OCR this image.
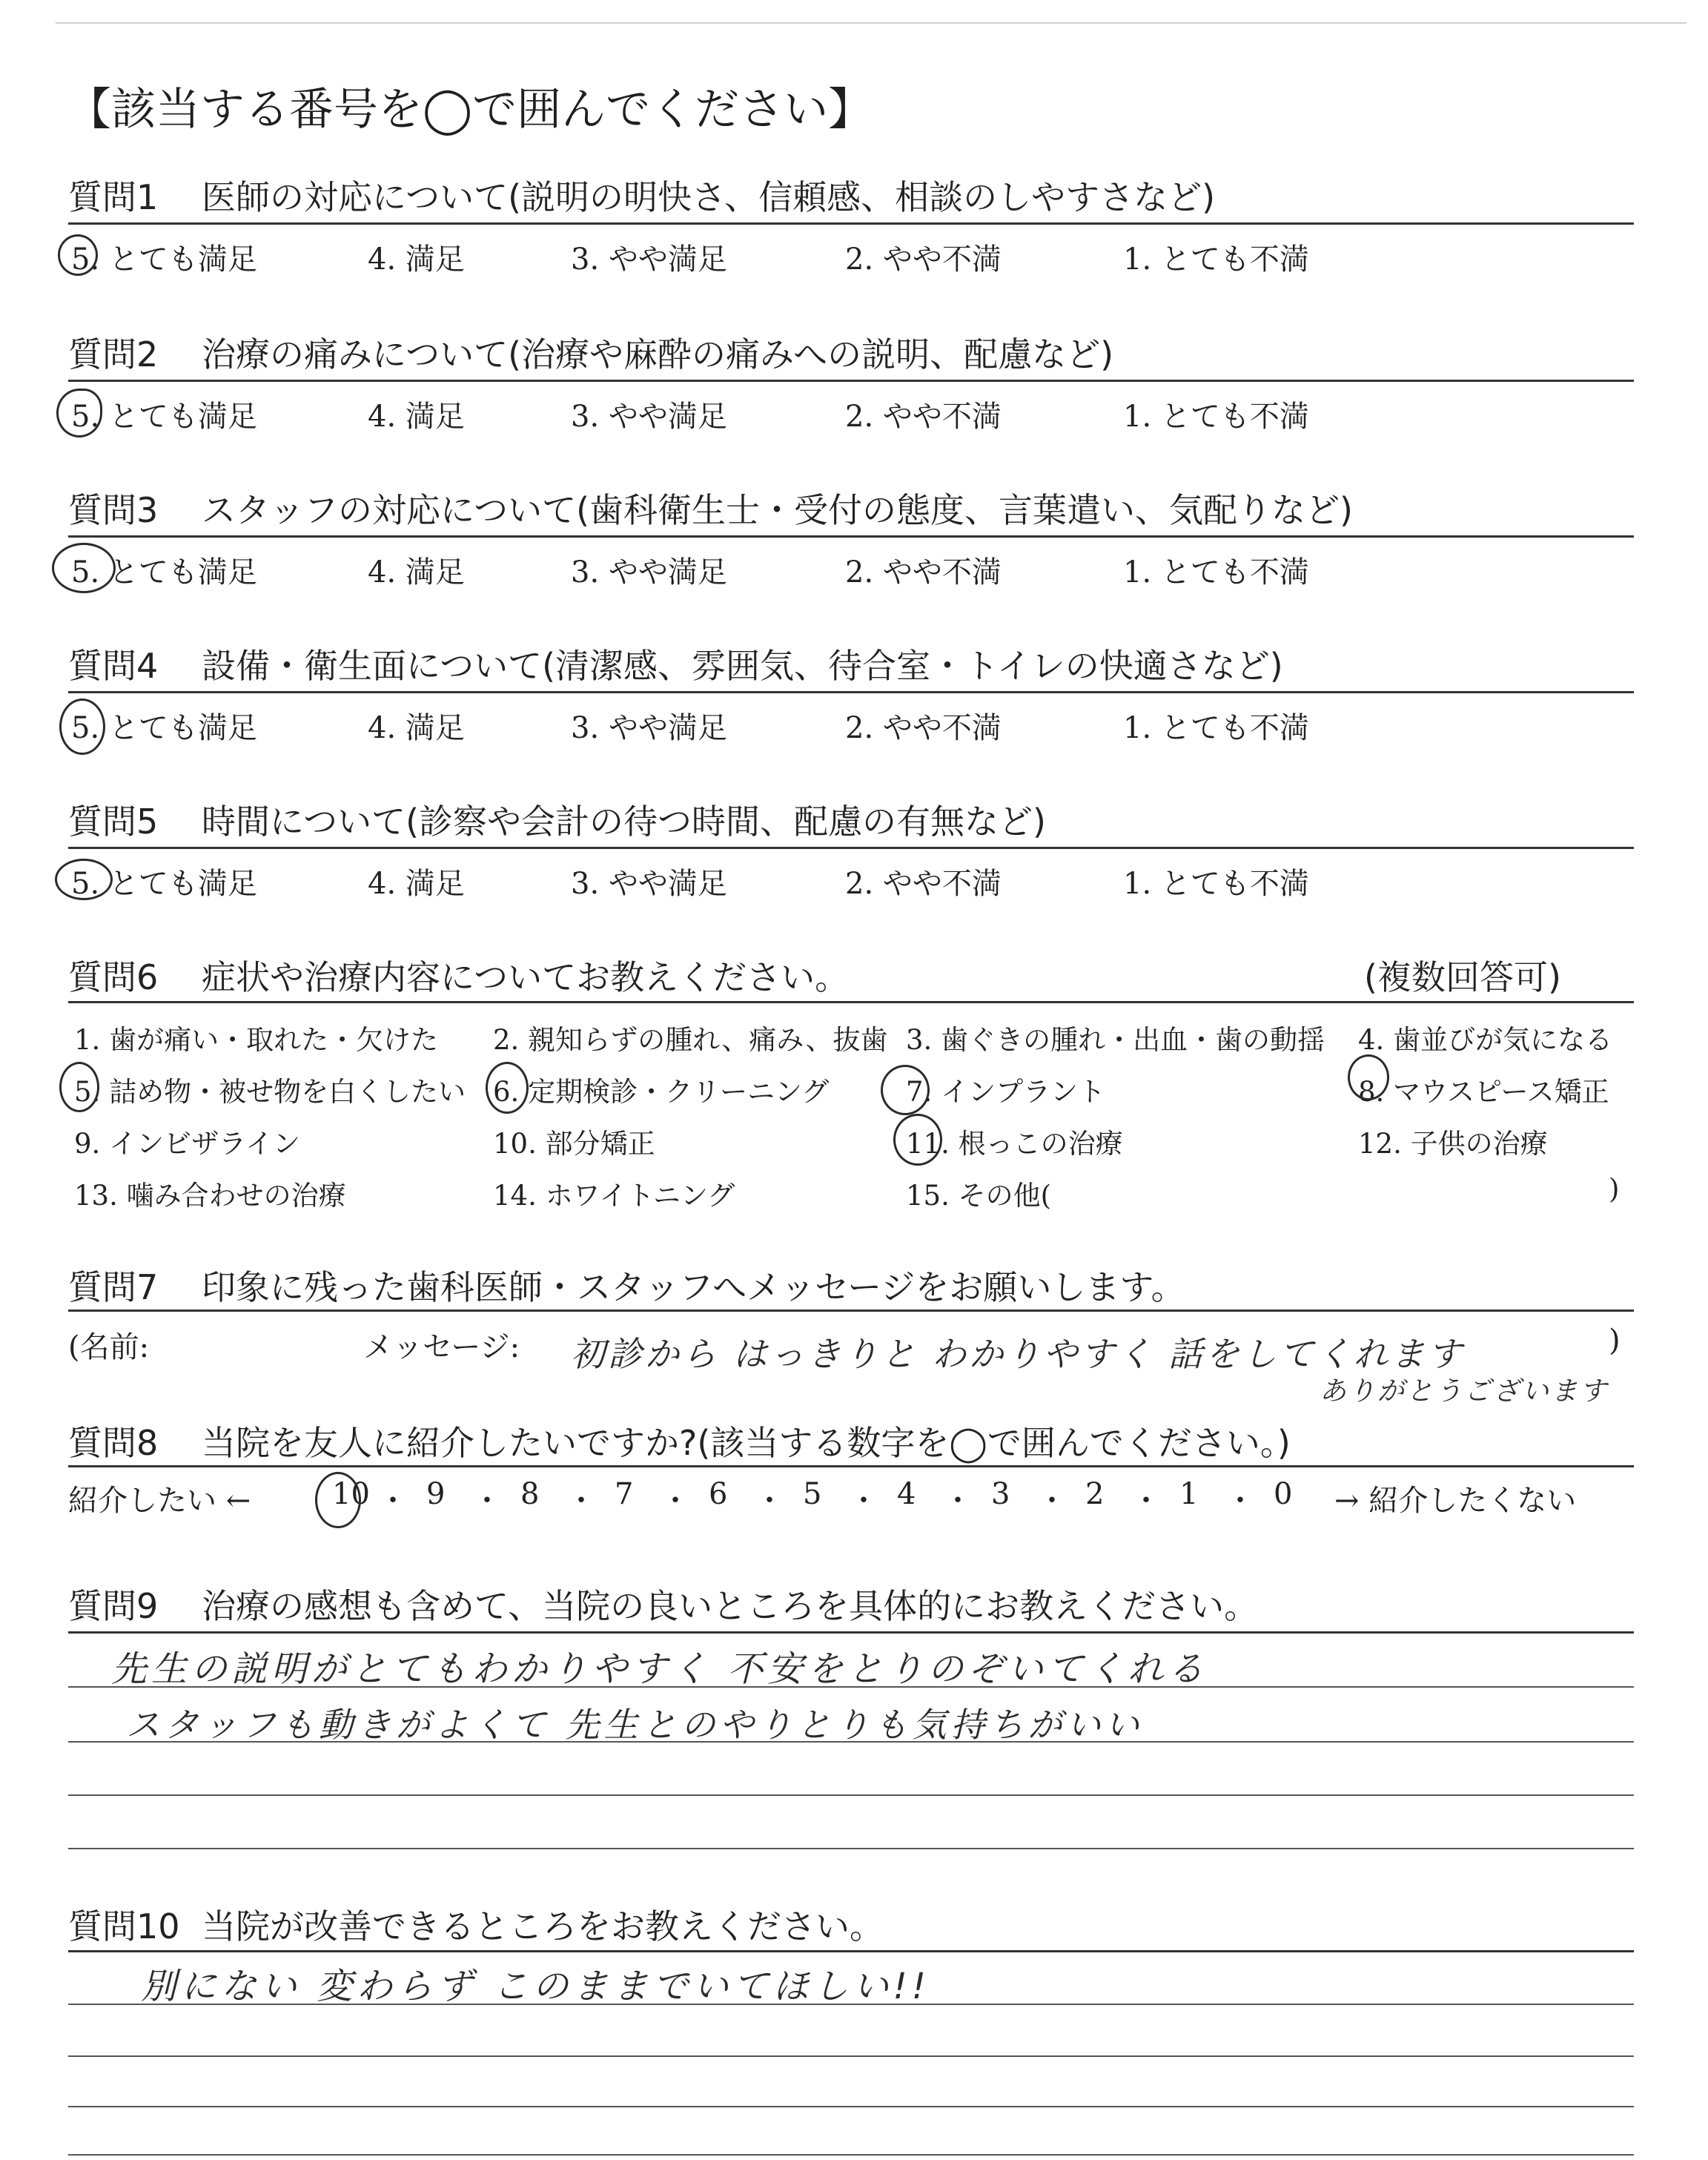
【該当する番号を◯で囲んでください】
質問1 医師の対応について(説明の明快さ、信頼感、相談のしやすさなど)
5. とても満足	4. 満足	3. やや満足	2. やや不満	1. とても不満
質問2 治療の痛みについて(治療や麻酔の痛みへの説明、配慮など)
5. とても満足	4. 満足	3. やや満足	2. やや不満	1. とても不満
質問3 スタッフの対応について(歯科衛生士・受付の態度、言葉遣い、気配りなど)
5. とても満足	4. 満足	3. やや満足	2. やや不満	1. とても不満
質問4 設備・衛生面について(清潔感、雰囲気、待合室・トイレの快適さなど)
5. とても満足	4. 満足	3. やや満足	2. やや不満	1. とても不満
質問5 時間について(診察や会計の待つ時間、配慮の有無など)
5. とても満足	4. 満足	3. やや満足	2. やや不満	1. とても不満
質問6 症状や治療内容についてお教えください。	(複数回答可)
1. 歯が痛い・取れた・欠けた 2. 親知らずの腫れ、痛み、抜歯 3. 歯ぐきの腫れ・出血・歯の動揺 4. 歯並びが気になる
5. 詰め物・被せ物を白くしたい 6. 定期検診・クリーニング	7. インプラント	8. マウスピース矯正
9. インビザライン	10. 部分矯正	11. 根っこの治療	12. 子供の治療
13. 噛み合わせの治療	14. ホワイトニング	15. その他(	)
質問7 印象に残った歯科医師・スタッフへメッセージをお願いします。
(名前:	メッセージ:	)
初診から はっきりと わかりやすく 話をしてくれます
ありがとうございます
質問8 当院を友人に紹介したいですか?(該当する数字を◯で囲んでください。)
紹介したい ←	→ 紹介したくない
10 ・ 9 ・ 8 ・ 7 ・ 6 ・ 5 ・ 4 ・ 3 ・ 2 ・ 1 ・ 0
質問9 治療の感想も含めて、当院の良いところを具体的にお教えください。
先生の説明がとてもわかりやすく 不安をとりのぞいてくれる
スタッフも動きがよくて 先生とのやりとりも気持ちがいい
質問10 当院が改善できるところをお教えください。
別にない 変わらず このままでいてほしい!!
